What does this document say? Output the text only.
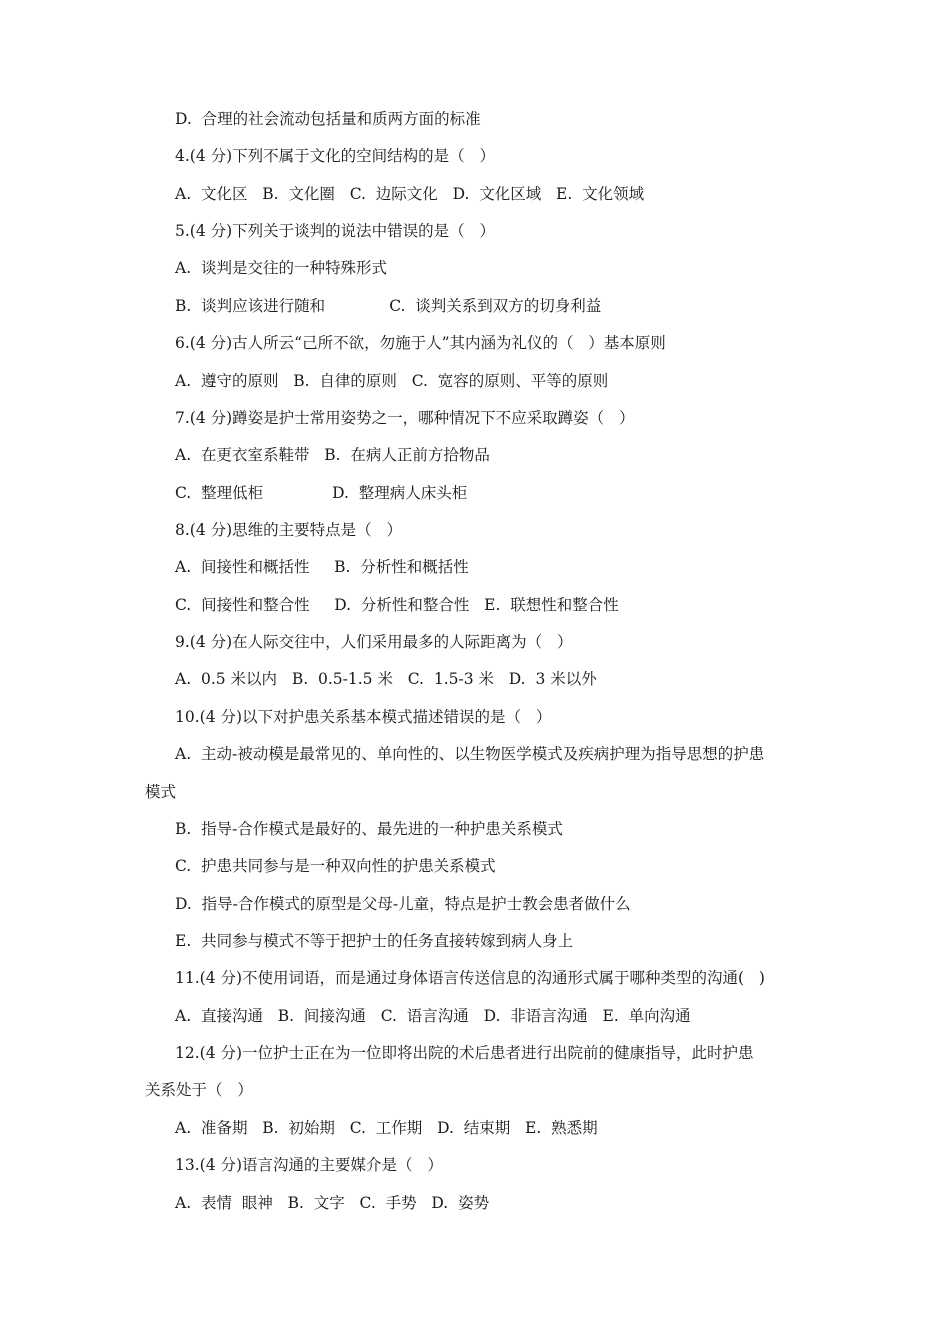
D.  合理的社会流动包括量和质两方面的标准
4.(4 分)下列不属于文化的空间结构的是（   ）
A.  文化区   B.  文化圈   C.  边际文化   D.  文化区域   E.  文化领域
5.(4 分)下列关于谈判的说法中错误的是（   ）
A.  谈判是交往的一种特殊形式
B.  谈判应该进行随和             C.  谈判关系到双方的切身利益
6.(4 分)古人所云“己所不欲，勿施于人”其内涵为礼仪的（   ）基本原则
A.  遵守的原则   B.  自律的原则   C.  宽容的原则、平等的原则
7.(4 分)蹲姿是护士常用姿势之一，哪种情况下不应采取蹲姿（   ）
A.  在更衣室系鞋带   B.  在病人正前方拾物品
C.  整理低柜              D.  整理病人床头柜
8.(4 分)思维的主要特点是（   ）
A.  间接性和概括性     B.  分析性和概括性
C.  间接性和整合性     D.  分析性和整合性   E.  联想性和整合性
9.(4 分)在人际交往中，人们采用最多的人际距离为（   ）
A.  0.5 米以内   B.  0.5-1.5 米   C.  1.5-3 米   D.  3 米以外
10.(4 分)以下对护患关系基本模式描述错误的是（   ）
A.  主动-被动模是最常见的、单向性的、以生物医学模式及疾病护理为指导思想的护患
模式
B.  指导-合作模式是最好的、最先进的一种护患关系模式
C.  护患共同参与是一种双向性的护患关系模式
D.  指导-合作模式的原型是父母-儿童，特点是护士教会患者做什么
E.  共同参与模式不等于把护士的任务直接转嫁到病人身上
11.(4 分)不使用词语，而是通过身体语言传送信息的沟通形式属于哪种类型的沟通(   )
A.  直接沟通   B.  间接沟通   C.  语言沟通   D.  非语言沟通   E.  单向沟通
12.(4 分)一位护士正在为一位即将出院的术后患者进行出院前的健康指导，此时护患
关系处于（   ）
A.  准备期   B.  初始期   C.  工作期   D.  结束期   E.  熟悉期
13.(4 分)语言沟通的主要媒介是（   ）
A.  表情  眼神   B.  文字   C.  手势   D.  姿势
